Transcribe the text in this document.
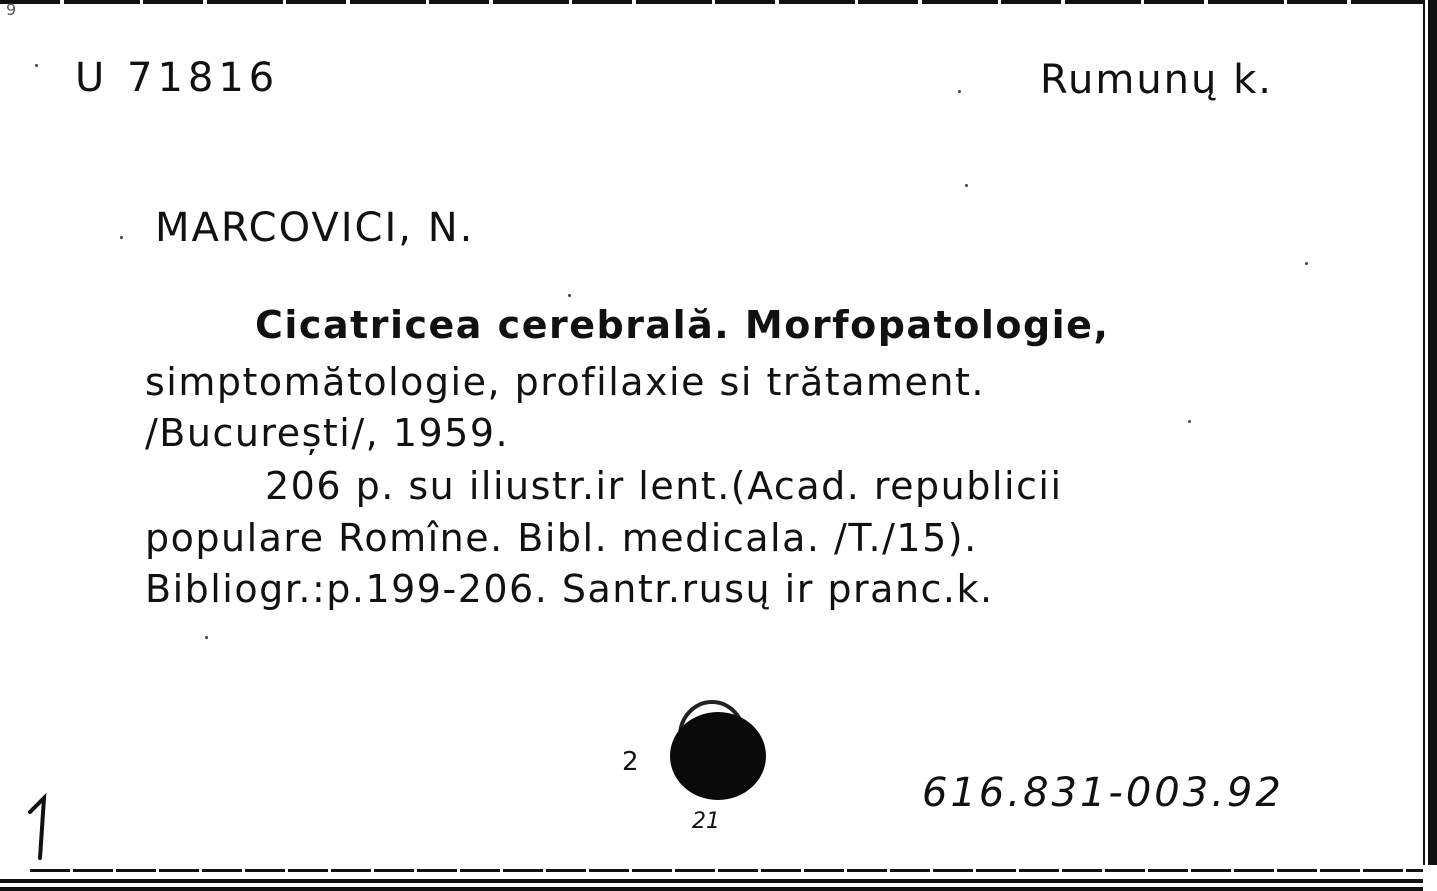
9
U 71816	Rumunų k.
MARCOVICI, N.
Cicatricea cerebrală. Morfopatologie,
simptomătologie, profilaxie si trătament.
/București/, 1959.
206 p. su iliustr.ir lent.(Acad. republicii
populare Romîne. Bibl. medicala. /T./15).
Bibliogr.:p.199-206. Santr.rusų ir pranc.k.
2
21
616.831-003.92
